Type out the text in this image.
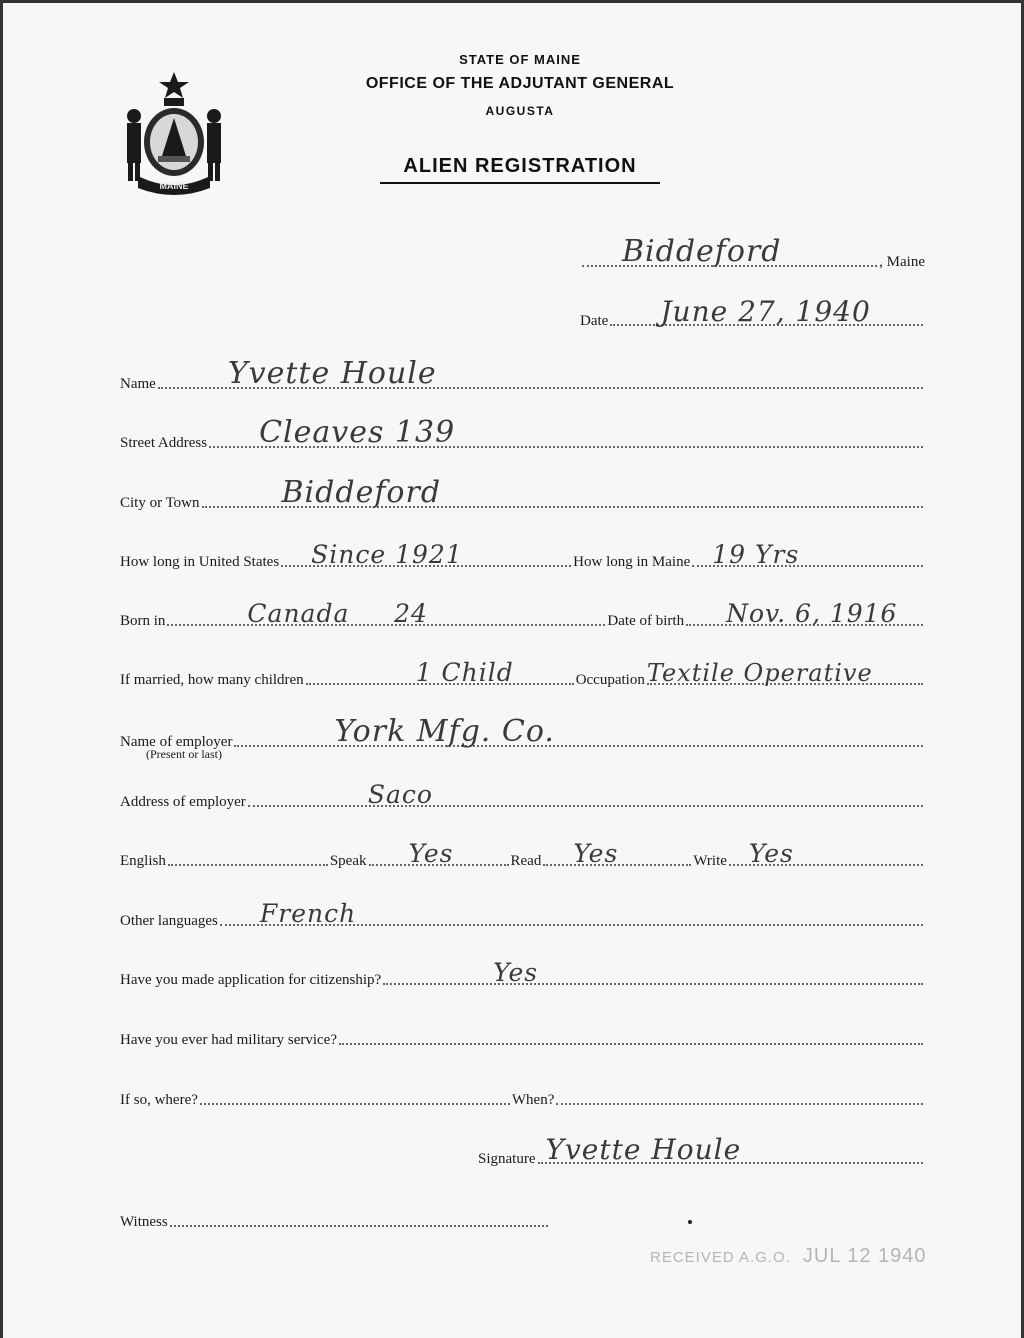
MAINE
STATE OF MAINE
OFFICE OF THE ADJUTANT GENERAL
AUGUSTA
ALIEN REGISTRATION
Biddeford	, Maine
Date June 27, 1940
Name Yvette Houle
Street Address Cleaves 139
City or Town	Biddeford
How long in United States Since 1921	How long in Maine 19 Yrs
Born in	Canada     24	Date of birth Nov. 6, 1916
If married, how many children	1 Child	Occupation Textile Operative
Name of employer	York Mfg. Co.
(Present or last)
Address of employer	Saco
English	Speak Yes	Read Yes	Write Yes
Other languages French
Have you made application for citizenship?	Yes
Have you ever had military service?
If so, where?	When?
Signature Yvette Houle
Witness
RECEIVED A.G.O. JUL 12 1940
